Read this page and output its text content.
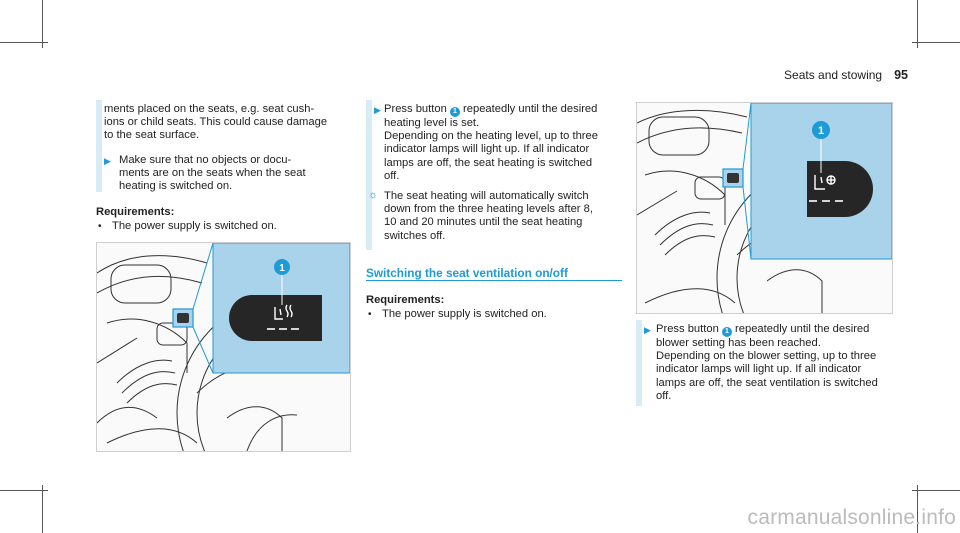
Seats and stowing 95
ments placed on the seats, e.g. seat cush-
ions or child seats. This could cause damage
to the seat surface.
▶ Make sure that no objects or docu-
ments are on the seats when the seat
heating is switched on.
Requirements:
• The power supply is switched on.
1
▶ Press button 1 repeatedly until the desired
heating level is set.
Depending on the heating level, up to three
indicator lamps will light up. If all indicator
lamps are off, the seat heating is switched
off.
☼ The seat heating will automatically switch
down from the three heating levels after 8,
10 and 20 minutes until the seat heating
switches off.
Switching the seat ventilation on/off
Requirements:
• The power supply is switched on.
1
▶ Press button 1 repeatedly until the desired
blower setting has been reached.
Depending on the blower setting, up to three
indicator lamps will light up. If all indicator
lamps are off, the seat ventilation is switched
off.
carmanualsonline.info
